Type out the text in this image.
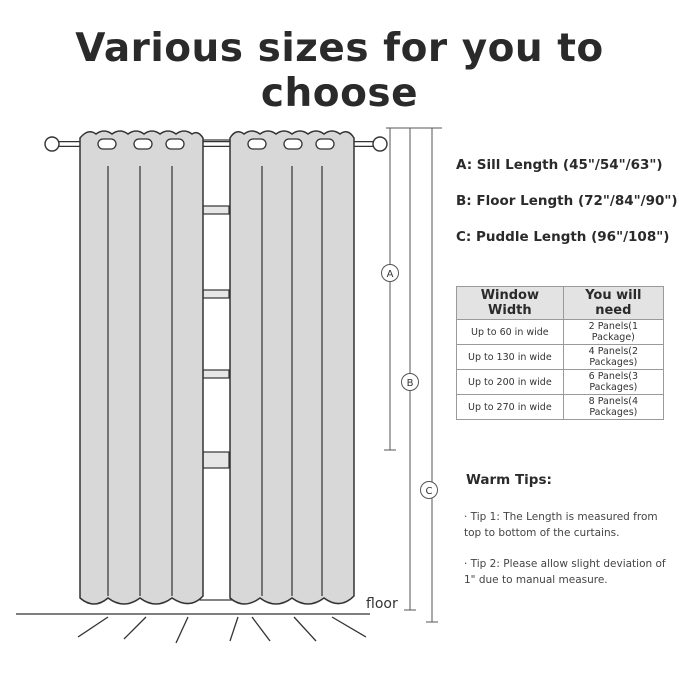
Various sizes for you to choose
A
B
C
floor
A: Sill Length (45"/54"/63")
B: Floor Length (72"/84"/90")
C: Puddle Length (96"/108")
Window Width	You will need
Up to 60 in wide	2 Panels(1 Package)
Up to 130 in wide	4 Panels(2 Packages)
Up to 200 in wide	6 Panels(3 Packages)
Up to 270 in wide	8 Panels(4 Packages)
Warm Tips:
· Tip 1: The Length is measured from top to bottom of the curtains.
· Tip 2: Please allow slight deviation of 1" due to manual measure.
